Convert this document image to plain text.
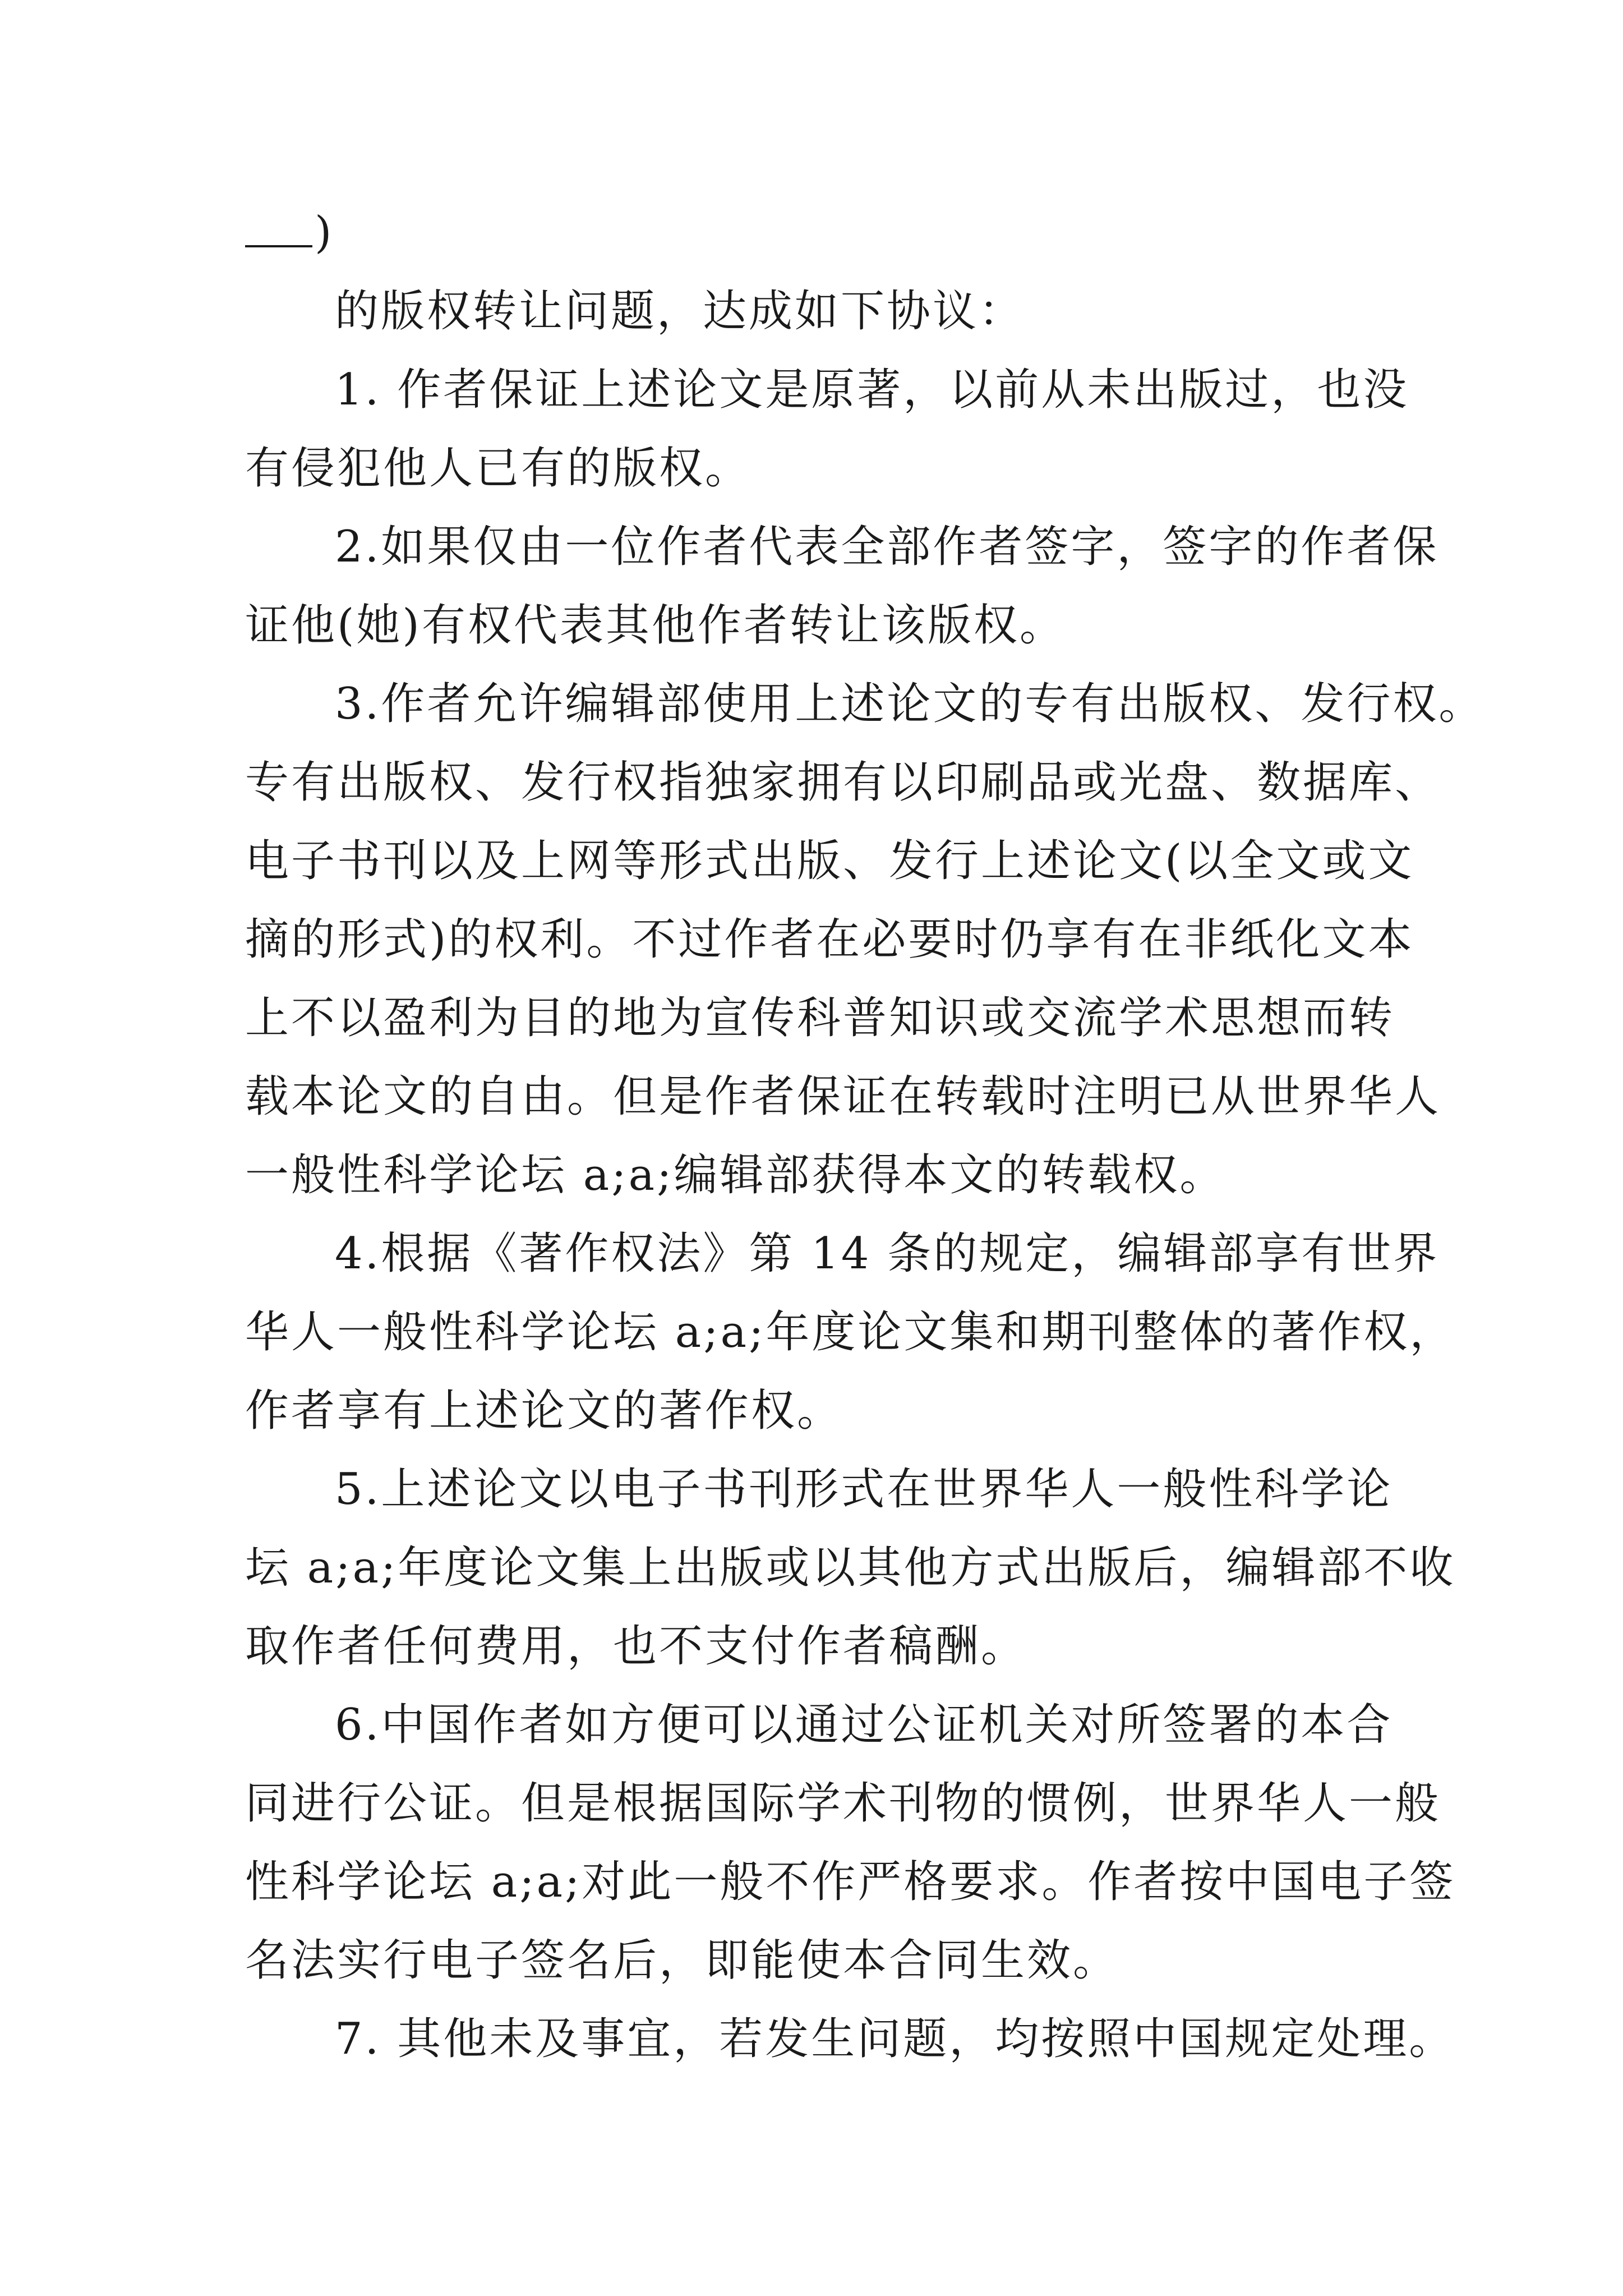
)
的版权转让问题，达成如下协议：
1. 作者保证上述论文是原著，以前从未出版过，也没
有侵犯他人已有的版权。
2.如果仅由一位作者代表全部作者签字，签字的作者保
证他(她)有权代表其他作者转让该版权。
3.作者允许编辑部使用上述论文的专有出版权、发行权。
专有出版权、发行权指独家拥有以印刷品或光盘、数据库、
电子书刊以及上网等形式出版、发行上述论文(以全文或文
摘的形式)的权利。不过作者在必要时仍享有在非纸化文本
上不以盈利为目的地为宣传科普知识或交流学术思想而转
载本论文的自由。但是作者保证在转载时注明已从世界华人
一般性科学论坛 a;a;编辑部获得本文的转载权。
4.根据《著作权法》第 14 条的规定，编辑部享有世界
华人一般性科学论坛 a;a;年度论文集和期刊整体的著作权，
作者享有上述论文的著作权。
5.上述论文以电子书刊形式在世界华人一般性科学论
坛 a;a;年度论文集上出版或以其他方式出版后，编辑部不收
取作者任何费用，也不支付作者稿酬。
6.中国作者如方便可以通过公证机关对所签署的本合
同进行公证。但是根据国际学术刊物的惯例，世界华人一般
性科学论坛 a;a;对此一般不作严格要求。作者按中国电子签
名法实行电子签名后，即能使本合同生效。
7. 其他未及事宜，若发生问题，均按照中国规定处理。
